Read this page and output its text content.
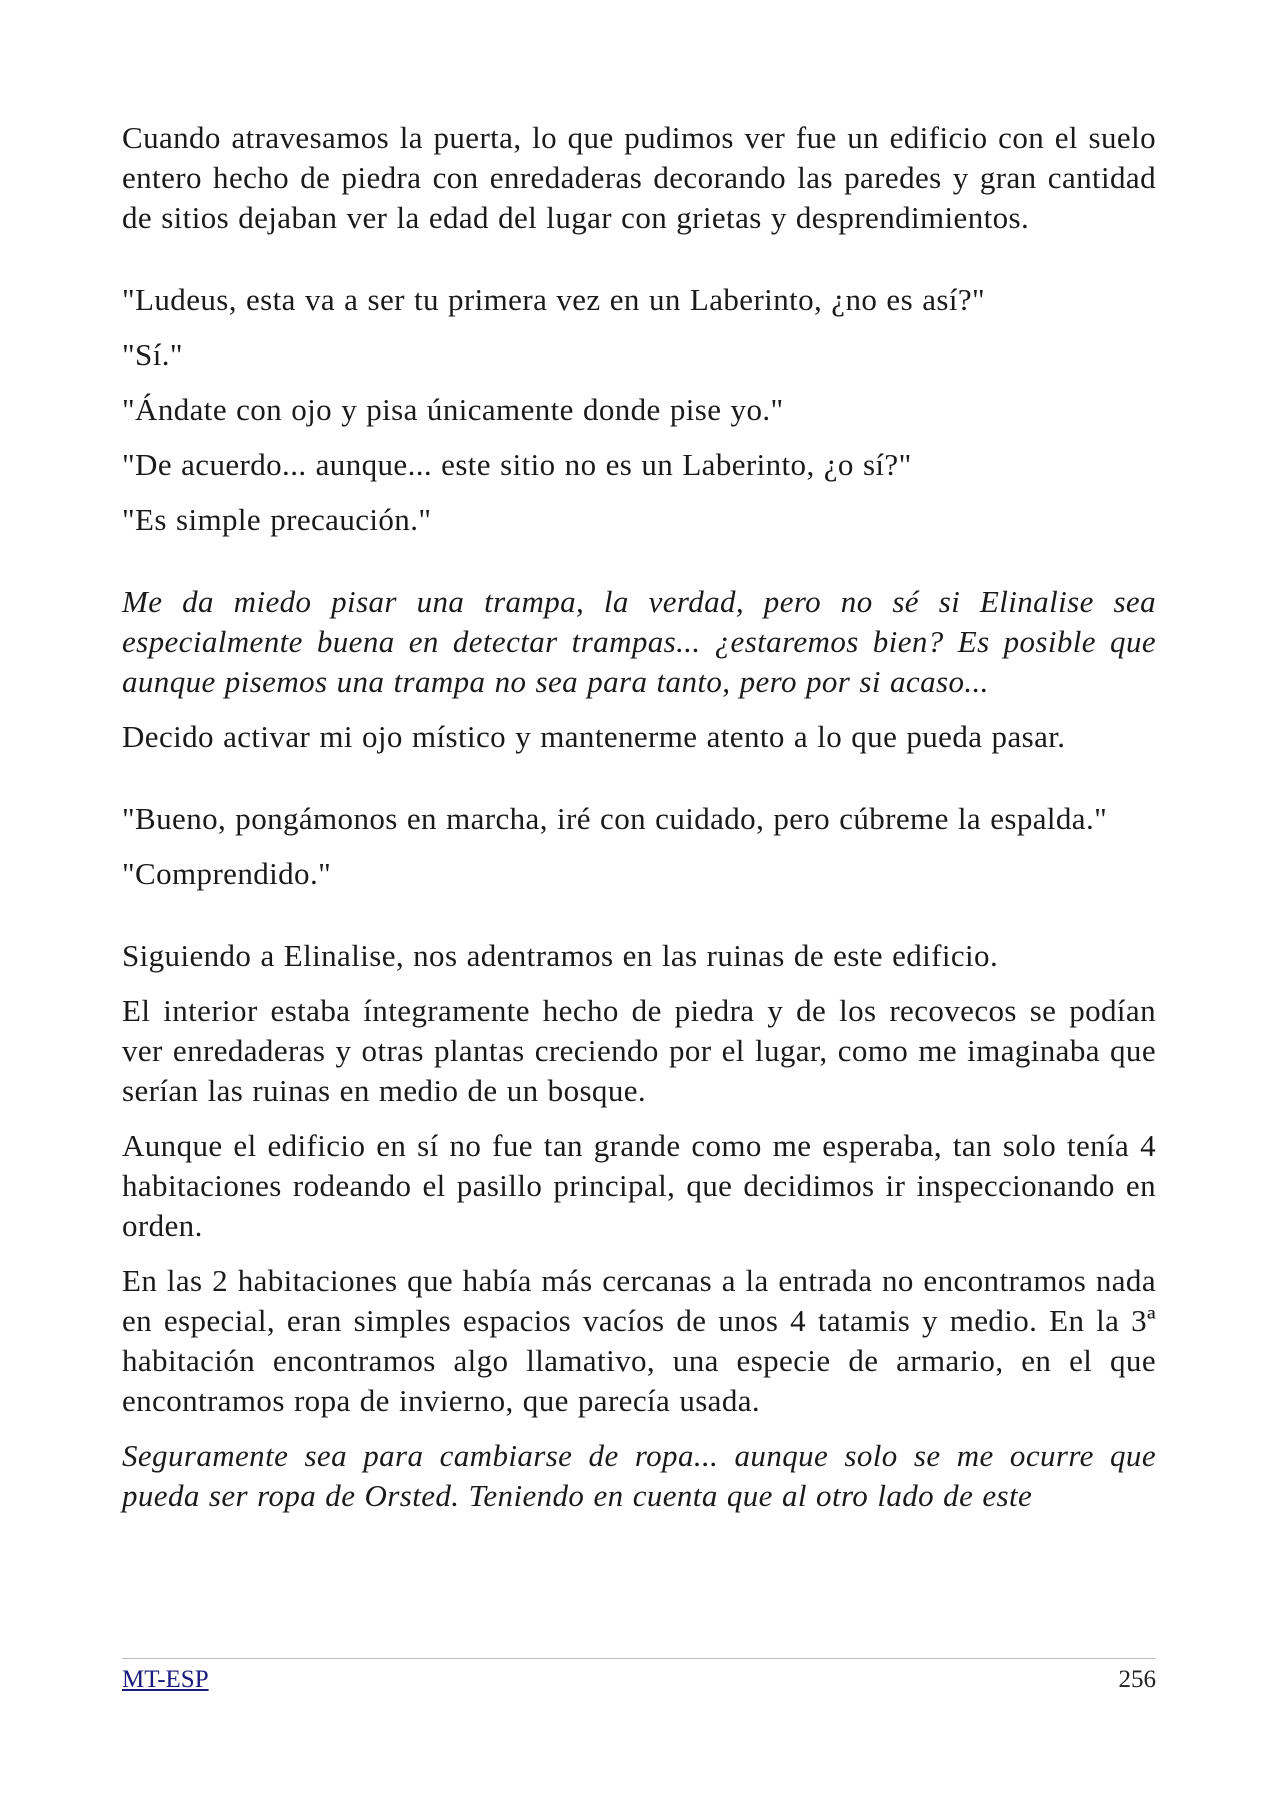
Cuando atravesamos la puerta, lo que pudimos ver fue un edificio con el suelo entero hecho de piedra con enredaderas decorando las paredes y gran cantidad de sitios dejaban ver la edad del lugar con grietas y desprendimientos.

"Ludeus, esta va a ser tu primera vez en un Laberinto, ¿no es así?"

"Sí."

"Ándate con ojo y pisa únicamente donde pise yo."

"De acuerdo... aunque... este sitio no es un Laberinto, ¿o sí?"

"Es simple precaución."

Me da miedo pisar una trampa, la verdad, pero no sé si Elinalise sea especialmente buena en detectar trampas... ¿estaremos bien? Es posible que aunque pisemos una trampa no sea para tanto, pero por si acaso...

Decido activar mi ojo místico y mantenerme atento a lo que pueda pasar.

"Bueno, pongámonos en marcha, iré con cuidado, pero cúbreme la espalda."

"Comprendido."

Siguiendo a Elinalise, nos adentramos en las ruinas de este edificio.

El interior estaba íntegramente hecho de piedra y de los recovecos se podían ver enredaderas y otras plantas creciendo por el lugar, como me imaginaba que serían las ruinas en medio de un bosque.

Aunque el edificio en sí no fue tan grande como me esperaba, tan solo tenía 4 habitaciones rodeando el pasillo principal, que decidimos ir inspeccionando en orden.

En las 2 habitaciones que había más cercanas a la entrada no encontramos nada en especial, eran simples espacios vacíos de unos 4 tatamis y medio. En la 3ª habitación encontramos algo llamativo, una especie de armario, en el que encontramos ropa de invierno, que parecía usada.

Seguramente sea para cambiarse de ropa... aunque solo se me ocurre que pueda ser ropa de Orsted. Teniendo en cuenta que al otro lado de este

MT-ESP	256
